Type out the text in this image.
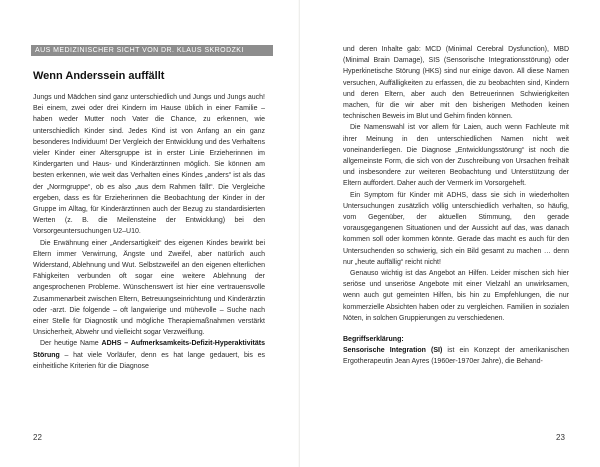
AUS MEDIZINISCHER SICHT VON DR. KLAUS SKRODZKI
Wenn Anderssein auffällt

Jungs und Mädchen sind ganz unterschiedlich und Jungs und Jungs auch! Bei einem, zwei oder drei Kindern im Hause üblich in einer Familie – haben weder Mutter noch Vater die Chance, zu erkennen, wie unterschiedlich Kinder sind. Jedes Kind ist von Anfang an ein ganz besonderes Individuum! Der Vergleich der Entwicklung und des Verhaltens vieler Kinder einer Altersgruppe ist in erster Linie Erzieherinnen im Kindergarten und Haus- und Kinderärztinnen möglich. Sie können am besten erkennen, wie weit das Verhalten eines Kindes „anders“ ist als das der „Normgruppe“, ob es also „aus dem Rahmen fällt“. Die Vergleiche ergeben, dass es für Erzieherinnen die Beobachtung der Kinder in der Gruppe im Alltag, für Kinderärztinnen auch der Bezug zu standardisierten Werten (z. B. die Meilensteine der Entwicklung) bei den Vorsorgeuntersuchungen U2–U10.

Die Erwähnung einer „Andersartigkeit“ des eigenen Kindes bewirkt bei Eltern immer Verwirrung, Ängste und Zweifel, aber natürlich auch Widerstand, Ablehnung und Wut. Selbstzweifel an den eigenen elterlichen Fähigkeiten verbunden oft sogar eine weitere Ablehnung der angesprochenen Probleme. Wünschenswert ist hier eine vertrauensvolle Zusammenarbeit zwischen Eltern, Betreuungseinrichtung und Kinderärztin oder -arzt. Die folgende – oft langwierige und mühevolle – Suche nach einer Stelle für Diagnostik und mögliche Therapiemaßnahmen verstärkt Unsicherheit, Abwehr und vielleicht sogar Verzweiflung.

Der heutige Name ADHS – Aufmerksamkeits-Defizit-Hyperaktivitäts Störung – hat viele Vorläufer, denn es hat lange gedauert, bis es einheitliche Kriterien für die Diagnose

22

und deren Inhalte gab: MCD (Minimal Cerebral Dysfunction), MBD (Minimal Brain Damage), SIS (Sensorische Integrationsstörung) oder Hyperkinetische Störung (HKS) sind nur einige davon. All diese Namen versuchen, Auffälligkeiten zu erfassen, die zu beobachten sind, Kindern und deren Eltern, aber auch den Betreuerinnen Schwierigkeiten machen, für die wir aber mit den bisherigen Methoden keinen technischen Beweis im Blut und Gehirn finden können.

Die Namenswahl ist vor allem für Laien, auch wenn Fachleute mit ihrer Meinung in den unterschiedlichen Namen nicht weit voneinanderliegen. Die Diagnose „Entwicklungsstörung“ ist noch die allgemeinste Form, die sich von der Zuschreibung von Ursachen freihält und insbesondere zur weiteren Beobachtung und Unterstützung der Eltern auffordert. Daher auch der Vermerk im Vorsorgeheft.

Ein Symptom für Kinder mit ADHS, dass sie sich in wiederholten Untersuchungen zusätzlich völlig unterschiedlich verhalten, so häufig, vom Gegenüber, der aktuellen Stimmung, den gerade vorausgegangenen Situationen und der Aussicht auf das, was danach kommen soll oder kommen könnte. Gerade das macht es auch für den Untersuchenden so schwierig, sich ein Bild gesamt zu machen … denn nur „heute auffällig“ reicht nicht!

Genauso wichtig ist das Angebot an Hilfen. Leider mischen sich hier seriöse und unseriöse Angebote mit einer Vielzahl an unwirksamen, wenn auch gut gemeinten Hilfen, bis hin zu Empfehlungen, die nur kommerzielle Absichten haben oder zu vergleichen. Familien in sozialen Nöten, in solchen Gruppierungen zu verschiedenen.

Begriffserklärung:

Sensorische Integration (SI) ist ein Konzept der amerikanischen Ergotherapeutin Jean Ayres (1960er-1970er Jahre), die Behand-

23
